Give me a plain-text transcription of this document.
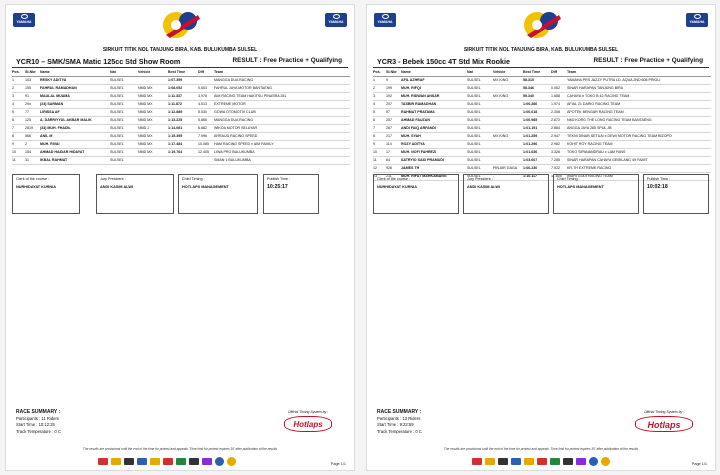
YAMAHA	YAMAHA
SIRKUIT TITIK NOL TANJUNG BIRA, KAB. BULUKUMBA SULSEL
YCR10 – SMK/SMA Matic 125cc Std Show Room	RESULT : Free Practice + Qualifying
Pos.	St.Nbr	Name	Nat	Vehicle	Best Time	Diff	Team
1	103	RESKY ADITYA	SULSEL		1:07.399		MANGGA DUA RACING
2	155	FAHRUL RAMADHAN	SULSEL	NMD MX	1:08.052	0.653	FAHRUL JAYA MOTOR BANTAENG
3	91	MAULAL MUAMA	SULSEL	NMD MX	1:11.337	3.978	AIM RACING TEAM HAKITSU PINASRA 281
4	29x	(23) SARMAN	SULSEL	NMD MX	1:11.872	4.513	EXTREME MOTOR
5	77	LIRISSA AF	SULSEL	NMD MX	1:12.889	5.530	GOWA OTOMOTIV CLUB
6	125	A. DARRIYYUL AKBAR MALIK	SULSEL	NMD MX	1:13.225	5.866	MANGGA DUA RACING
7	2819	(33) MUH. FHADIL	SULSEL	NMD J	1:14.081	6.682	WIKOA MOTOR SELAYAR
8	566	ANIL M	SULSEL	NMD MX	1:15.395	7.996	ARRAUD RACING SPEED
9	2	MUH. RIVAI	SULSEL	NMD MX	1:17.484	10.085	HAM RACING SPEED x AIM FAMILY
10	154	AHMAD HAIDAR HIDAYAT	SULSEL	NMD MX	1:19.764	12.405	LIWA PRO BULUKUMBA
11	31	IKBAL RAHMAT	SULSEL				SMAN 1 BULUKUMBA
Clerk of the course :
NURHIDAYAT KURNIA
Jury President :
ANDI KASIM ALWI
Chief Timing :
HOTLAPS MANAGEMENT
Publish Time :
10:25:17
RACE SUMMARY :
Participants : 11 Riders
Start Time : 10:12:25
Track Temperature : 0 C
Official Timing System by :
Hotlaps
The results are provisional until the end of the time for protest and appeals. Time limit for protest expires 30' after publication of the results
Page 1/1
YAMAHA	YAMAHA
SIRKUIT TITIK NOL TANJUNG BIRA, KAB. BULUKUMBA SULSEL
YCR3 - Bebek 150cc 4T Std Mix Rookie	RESULT : Free Practice + Qualifying
Pos.	St.Nbr	Name	Nat	Vehicle	Best Time	Diff	Team
1	9	AFIL AZHRAF	SULSEL	MX KING	58.310		YAMAHA PRS JAZZY PUTRA LD. AQUA 2ND 606 PRIGLI
2	199	MUH. RIFQI	SULSEL		58.346	0.062	SINAR HARAPAN TANJUNG BIRA
3	192	MUH. RIDWAN ANSAR	SULSEL	MX KING	59.340	1.658	CAHAYA n TOKO B 42 RACING TEAM
4	207	TASBIR RAMADHAN	SULSEL		1:00.286	1.974	AFIAL 21 DARIO RACING TEAM
5	97	RAHMAT PRATAMA	SULSEL		1:00.618	2.308	APOTEK BENGAR RACING TEAM
6	257	AHMAD FAUZAN	SULSEL		1:00.985	2.672	NMJ KORG THE LONG RACING TEAM BANTAENG
7	267	ANDI FAIQ ARFANDI	SULSEL		1:01.191	2.884	ANGGA JAYA 285 SPUL JB
8	217	MUH. SYAH	SULSEL	MX KING	1:01.259	2.947	TEKNI DINAR SETUAI x DEWI MOTOR RACING TEAM BIZOPO
9	114	ROZY ADITYA	SULSEL		1:01.296	2.982	KOHIT ROY RACING TEAM
10	17	MUH. NOFI FAHREZI	SULSEL		1:01.636	3.326	TOKO SIPANANDRAU x LAM FANS
11	64	SATRYIO SAID PRAMUDI	SULSEL		1:03.607	7.285	SINAR HARAPAN CAHAYA GEMILANG 49 FAMIT
12	926	JAMES TH	SULSEL	PINJAR GAGA	1:06.230	7.922	KR-TH EXTREME RACING
13	211	MUH. RIFAT MAHKAMANG	SULSEL	-	1:10.117	11.805	INDRI GODI RACING TEAM
Clerk of the course :
NURHIDAYAT KURNIA
Jury President :
ANDI KASIM ALWI
Chief Timing :
HOTLAPS MANAGEMENT
Publish Time :
10:02:18
RACE SUMMARY :
Participants : 13 Riders
Start Time : 9:22:59
Track Temperature : 0 C
Official Timing System by :
Hotlaps
The results are provisional until the end of the time for protest and appeals. Time limit for protest expires 30' after publication of the results
Page 1/1
